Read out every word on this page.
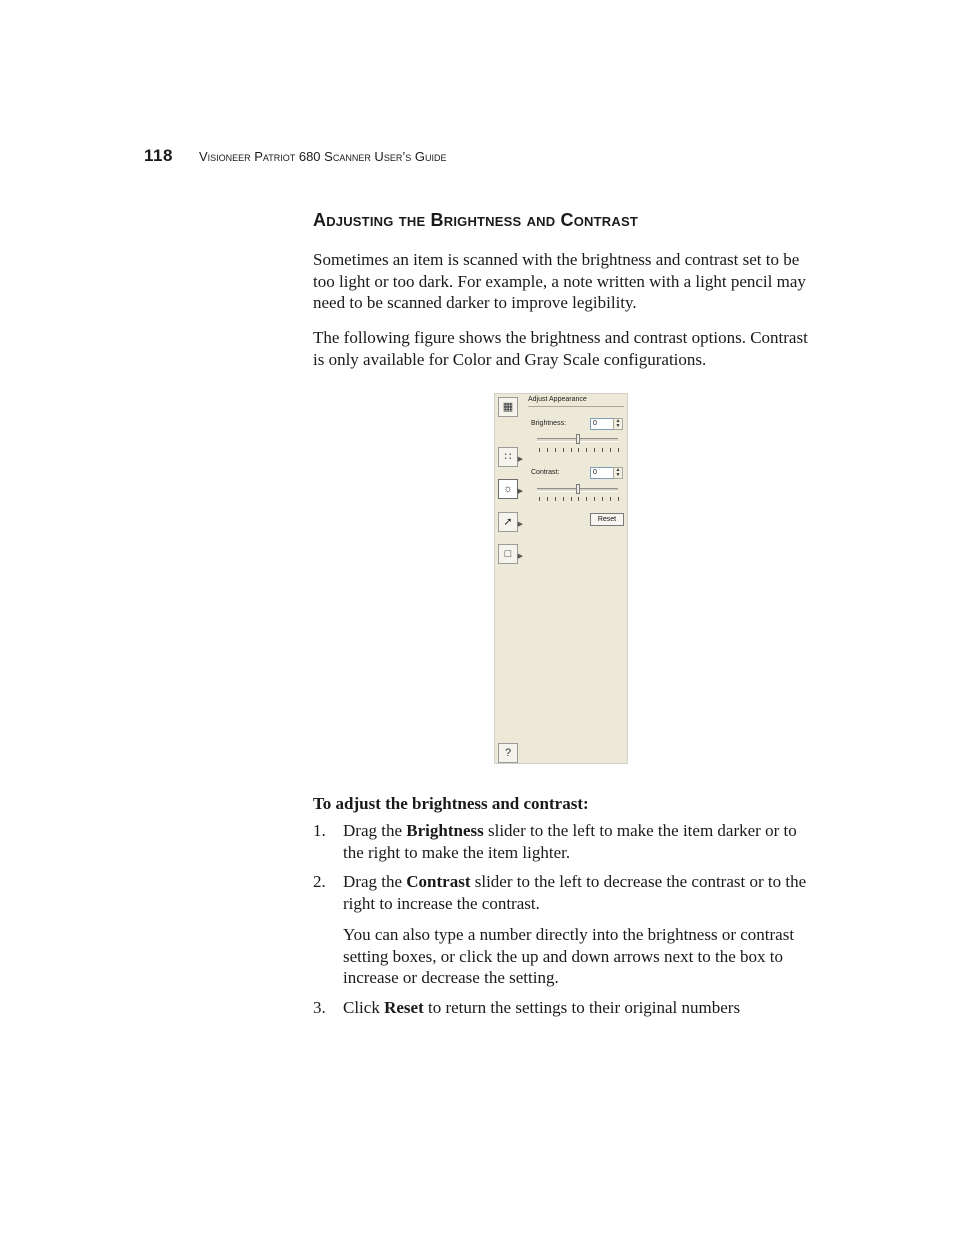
118 Visioneer Patriot 680 Scanner User’s Guide
Adjusting the Brightness and Contrast

Sometimes an item is scanned with the brightness and contrast set to be too light or too dark. For example, a note written with a light pencil may need to be scanned darker to improve legibility.

The following figure shows the brightness and contrast options. Contrast is only available for Color and Gray Scale configurations.

▦
∷ ▶
☼ ▶
➚ ▶
□ ▶
?
Adjust Appearance
Brightness:	0	▲
▼
Contrast:	0	▲
▼
Reset
To adjust the brightness and contrast:
1. Drag the Brightness slider to the left to make the item darker or to the right to make the item lighter.

2. Drag the Contrast slider to the left to decrease the contrast or to the right to increase the contrast.

You can also type a number directly into the brightness or contrast setting boxes, or click the up and down arrows next to the box to increase or decrease the setting.

3. Click Reset to return the settings to their original numbers
